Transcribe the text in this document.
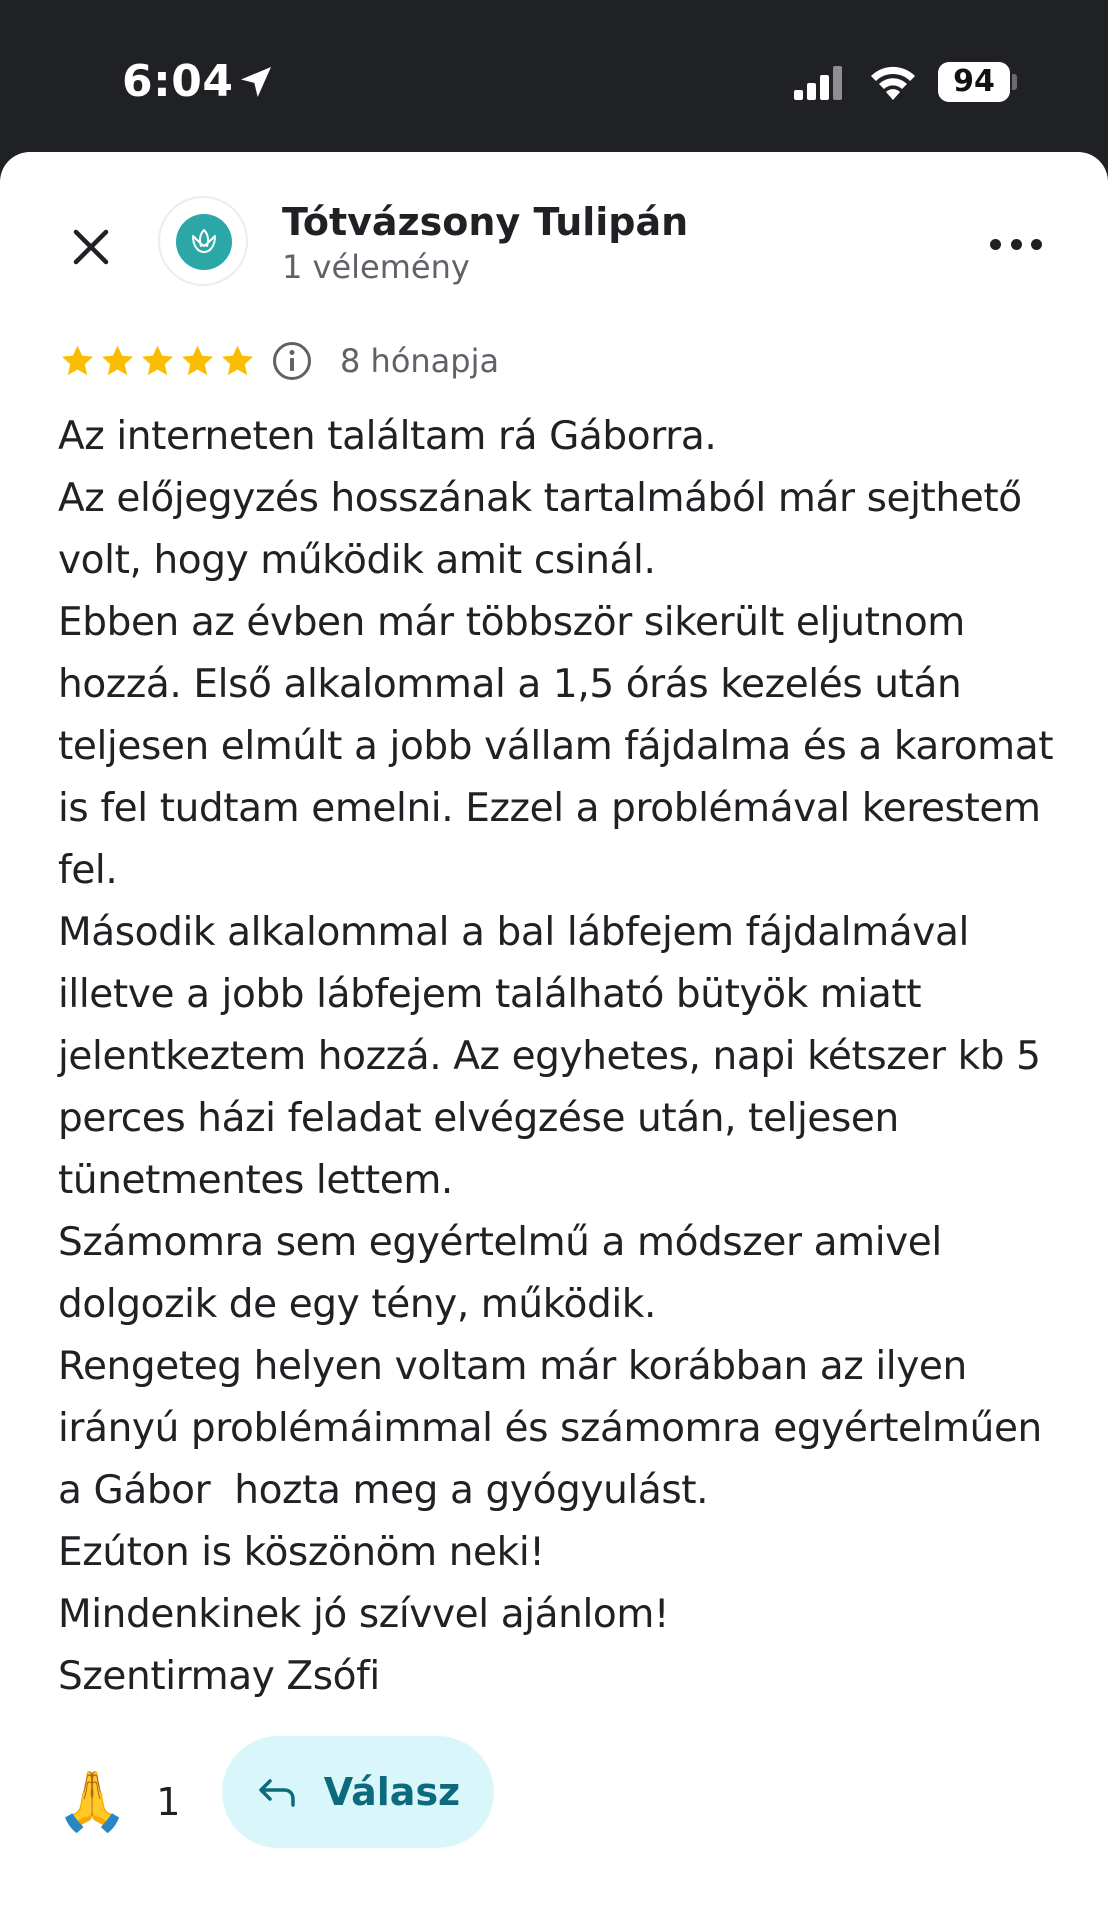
6:04	94
Tótvázsony Tulipán
1 vélemény
8 hónapja
Az interneten találtam rá Gáborra.
Az előjegyzés hosszának tartalmából már sejthető volt, hogy működik amit csinál.
Ebben az évben már többször sikerült eljutnom hozzá. Első alkalommal a 1,5 órás kezelés után teljesen elmúlt a jobb vállam fájdalma és a karomat is fel tudtam emelni. Ezzel a problémával kerestem fel.
Második alkalommal a bal lábfejem fájdalmával illetve a jobb lábfejem található bütyök miatt jelentkeztem hozzá. Az egyhetes, napi kétszer kb 5 perces házi feladat elvégzése után, teljesen tünetmentes lettem.
Számomra sem egyértelmű a módszer amivel dolgozik de egy tény, működik.
Rengeteg helyen voltam már korábban az ilyen irányú problémáimmal és számomra egyértelműen a Gábor  hozta meg a gyógyulást.
Ezúton is köszönöm neki!
Mindenkinek jó szívvel ajánlom!
Szentirmay Zsófi
🙏 1	Válasz
